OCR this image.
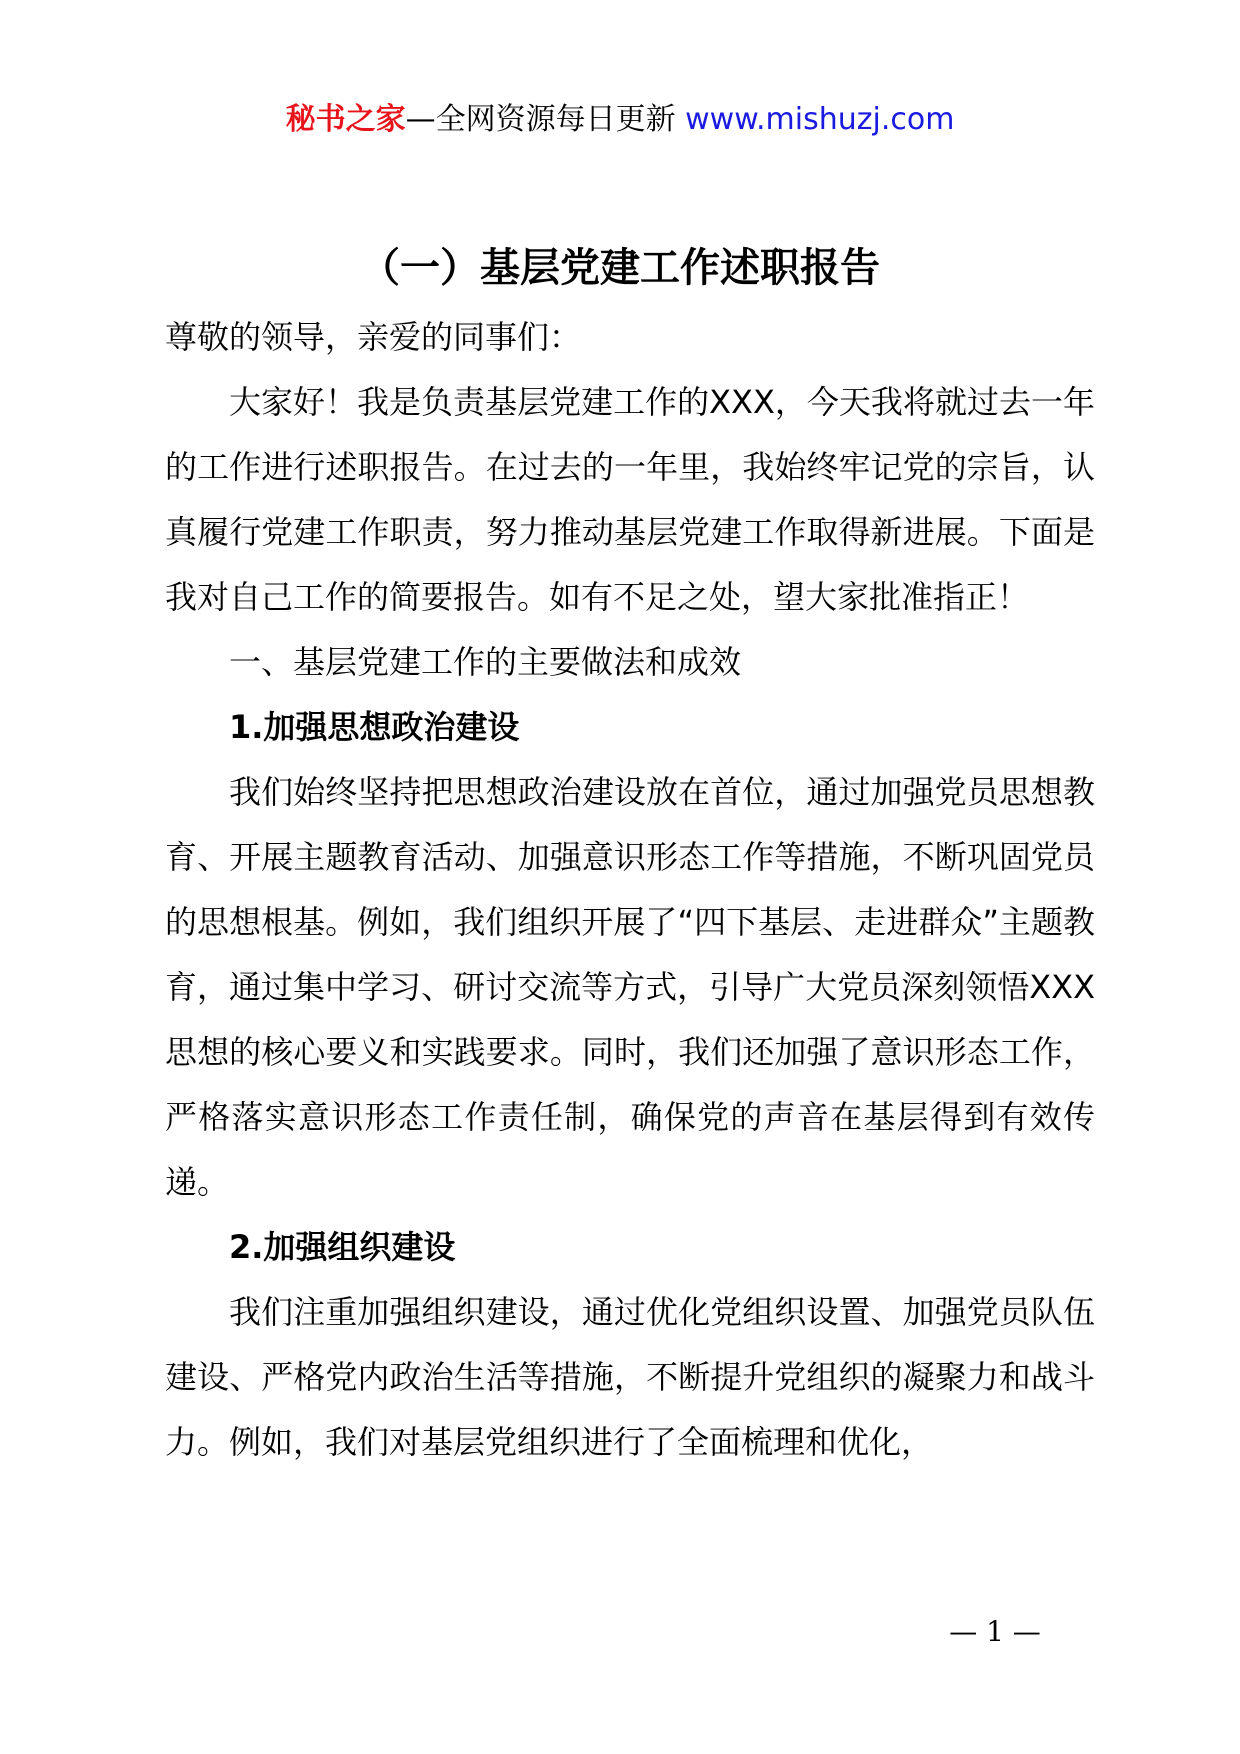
秘书之家—全网资源每日更新 www.mishuzj.com
（一）基层党建工作述职报告

尊敬的领导，亲爱的同事们：

大家好！我是负责基层党建工作的XXX，今天我将就过去一年的工作进行述职报告。在过去的一年里，我始终牢记党的宗旨，认真履行党建工作职责，努力推动基层党建工作取得新进展。下面是我对自己工作的简要报告。如有不足之处，望大家批准指正！

一、基层党建工作的主要做法和成效

1.加强思想政治建设

我们始终坚持把思想政治建设放在首位，通过加强党员思想教育、开展主题教育活动、加强意识形态工作等措施，不断巩固党员的思想根基。例如，我们组织开展了“四下基层、走进群众”主题教育，通过集中学习、研讨交流等方式，引导广大党员深刻领悟XXX思想的核心要义和实践要求。同时，我们还加强了意识形态工作，严格落实意识形态工作责任制，确保党的声音在基层得到有效传递。

2.加强组织建设

我们注重加强组织建设，通过优化党组织设置、加强党员队伍建设、严格党内政治生活等措施，不断提升党组织的凝聚力和战斗力。例如，我们对基层党组织进行了全面梳理和优化，

— 1 —
